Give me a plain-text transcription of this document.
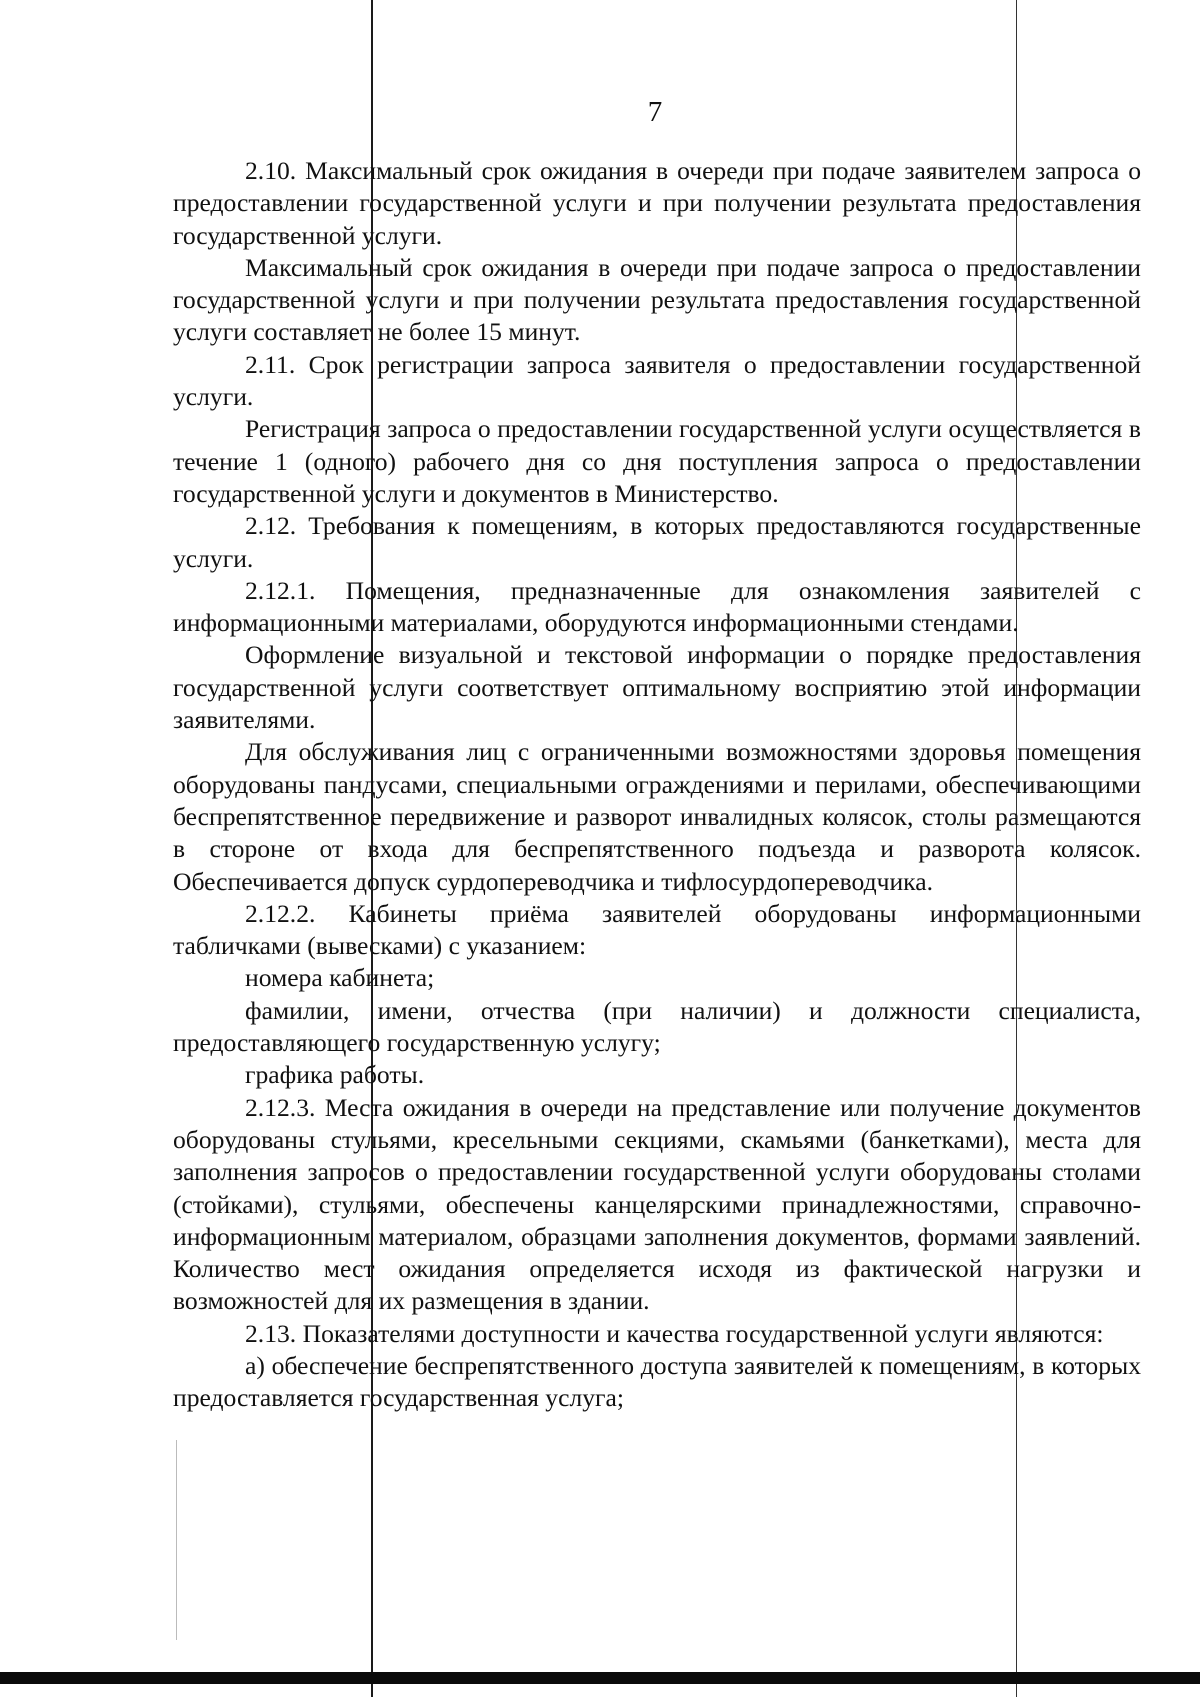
7

2.10. Максимальный срок ожидания в очереди при подаче заявителем запроса о предоставлении государственной услуги и при получении результата предоставления государственной услуги.

Максимальный срок ожидания в очереди при подаче запроса о предоставлении государственной услуги и при получении результата предоставления государственной услуги составляет не более 15 минут.

2.11. Срок регистрации запроса заявителя о предоставлении государственной услуги.

Регистрация запроса о предоставлении государственной услуги осуществляется в течение 1 (одного) рабочего дня со дня поступления запроса о предоставлении государственной услуги и документов в Министерство.

2.12. Требования к помещениям, в которых предоставляются государственные услуги.

2.12.1. Помещения, предназначенные для ознакомления заявителей с информационными материалами, оборудуются информационными стендами.

Оформление визуальной и текстовой информации о порядке предоставления государственной услуги соответствует оптимальному восприятию этой информации заявителями.

Для обслуживания лиц с ограниченными возможностями здоровья помещения оборудованы пандусами, специальными ограждениями и перилами, обеспечивающими беспрепятственное передвижение и разворот инвалидных колясок, столы размещаются в стороне от входа для беспрепятственного подъезда и разворота колясок. Обеспечивается допуск сурдопереводчика и тифлосурдопереводчика.

2.12.2. Кабинеты приёма заявителей оборудованы информационными табличками (вывесками) с указанием:

номера кабинета;

фамилии, имени, отчества (при наличии) и должности специалиста, предоставляющего государственную услугу;

графика работы.

2.12.3. Места ожидания в очереди на представление или получение документов оборудованы стульями, кресельными секциями, скамьями (банкетками), места для заполнения запросов о предоставлении государственной услуги оборудованы столами (стойками), стульями, обеспечены канцелярскими принадлежностями, справочно-информационным материалом, образцами заполнения документов, формами заявлений. Количество мест ожидания определяется исходя из фактической нагрузки и возможностей для их размещения в здании.

2.13. Показателями доступности и качества государственной услуги являются:

а) обеспечение беспрепятственного доступа заявителей к помещениям, в которых предоставляется государственная услуга;
